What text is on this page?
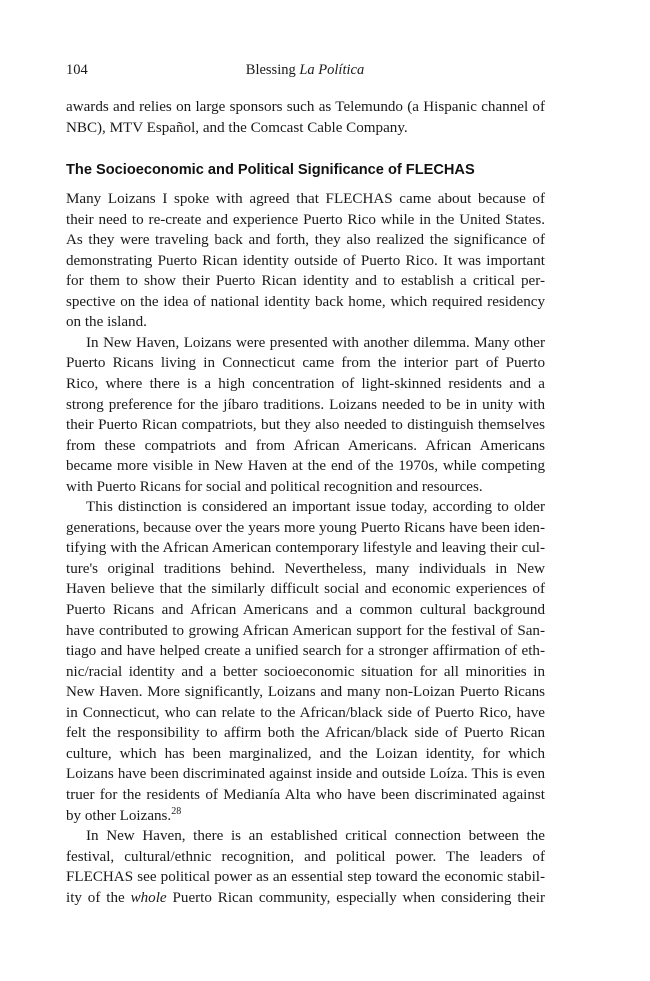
104	Blessing La Política
awards and relies on large sponsors such as Telemundo (a Hispanic channel of
NBC), MTV Español, and the Comcast Cable Company.
The Socioeconomic and Political Significance of FLECHAS
Many Loizans I spoke with agreed that FLECHAS came about because of
their need to re-create and experience Puerto Rico while in the United States.
As they were traveling back and forth, they also realized the significance of
demonstrating Puerto Rican identity outside of Puerto Rico. It was important
for them to show their Puerto Rican identity and to establish a critical per-
spective on the idea of national identity back home, which required residency
on the island.
In New Haven, Loizans were presented with another dilemma. Many other
Puerto Ricans living in Connecticut came from the interior part of Puerto
Rico, where there is a high concentration of light-skinned residents and a
strong preference for the jíbaro traditions. Loizans needed to be in unity with
their Puerto Rican compatriots, but they also needed to distinguish themselves
from these compatriots and from African Americans. African Americans
became more visible in New Haven at the end of the 1970s, while competing
with Puerto Ricans for social and political recognition and resources.
This distinction is considered an important issue today, according to older
generations, because over the years more young Puerto Ricans have been iden-
tifying with the African American contemporary lifestyle and leaving their cul-
ture's original traditions behind. Nevertheless, many individuals in New
Haven believe that the similarly difficult social and economic experiences of
Puerto Ricans and African Americans and a common cultural background
have contributed to growing African American support for the festival of San-
tiago and have helped create a unified search for a stronger affirmation of eth-
nic/racial identity and a better socioeconomic situation for all minorities in
New Haven. More significantly, Loizans and many non-Loizan Puerto Ricans
in Connecticut, who can relate to the African/black side of Puerto Rico, have
felt the responsibility to affirm both the African/black side of Puerto Rican
culture, which has been marginalized, and the Loizan identity, for which
Loizans have been discriminated against inside and outside Loíza. This is even
truer for the residents of Medianía Alta who have been discriminated against
by other Loizans.$^{28}$
In New Haven, there is an established critical connection between the
festival, cultural/ethnic recognition, and political power. The leaders of
FLECHAS see political power as an essential step toward the economic stabil-
ity of the whole Puerto Rican community, especially when considering their
